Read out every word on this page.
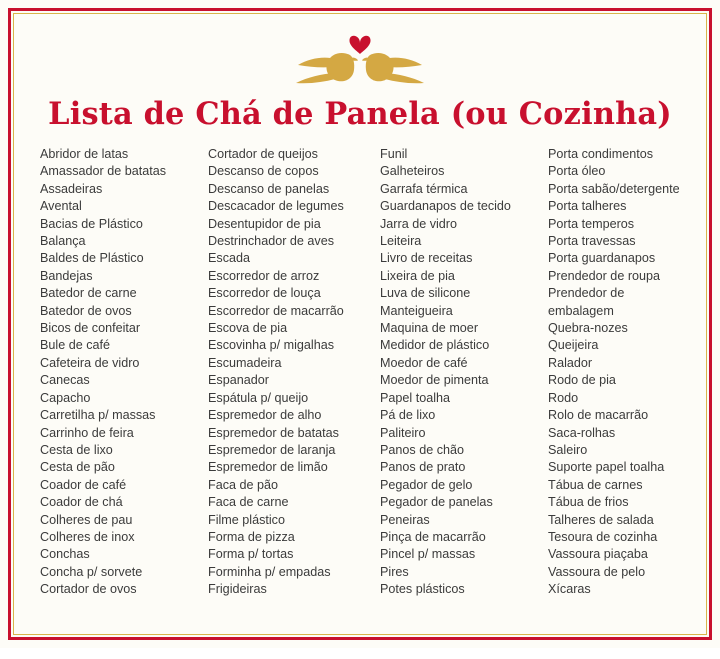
Lista de Chá de Panela (ou Cozinha)
Abridor de latas
Amassador de batatas
Assadeiras
Avental
Bacias de Plástico
Balança
Baldes de Plástico
Bandejas
Batedor de carne
Batedor de ovos
Bicos de confeitar
Bule de café
Cafeteira de vidro
Canecas
Capacho
Carretilha p/ massas
Carrinho de feira
Cesta de lixo
Cesta de pão
Coador de café
Coador de chá
Colheres de pau
Colheres de inox
Conchas
Concha p/ sorvete
Cortador de ovos
Cortador de queijos
Descanso de copos
Descanso de panelas
Descacador de legumes
Desentupidor de pia
Destrinchador de aves
Escada
Escorredor de arroz
Escorredor de louça
Escorredor de macarrão
Escova de pia
Escovinha p/ migalhas
Escumadeira
Espanador
Espátula p/ queijo
Espremedor de alho
Espremedor de batatas
Espremedor de laranja
Espremedor de limão
Faca de pão
Faca de carne
Filme plástico
Forma de pizza
Forma p/ tortas
Forminha p/ empadas
Frigideiras
Funil
Galheteiros
Garrafa térmica
Guardanapos de tecido
Jarra de vidro
Leiteira
Livro de receitas
Lixeira de pia
Luva de silicone
Manteigueira
Maquina de moer
Medidor de plástico
Moedor de café
Moedor de pimenta
Papel toalha
Pá de lixo
Paliteiro
Panos de chão
Panos de prato
Pegador de gelo
Pegador de panelas
Peneiras
Pinça de macarrão
Pincel p/ massas
Pires
Potes plásticos
Porta condimentos
Porta óleo
Porta sabão/detergente
Porta talheres
Porta temperos
Porta travessas
Porta guardanapos
Prendedor de roupa
Prendedor de
embalagem
Quebra-nozes
Queijeira
Ralador
Rodo de pia
Rodo
Rolo de macarrão
Saca-rolhas
Saleiro
Suporte papel toalha
Tábua de carnes
Tábua de frios
Talheres de salada
Tesoura de cozinha
Vassoura piaçaba
Vassoura de pelo
Xícaras
